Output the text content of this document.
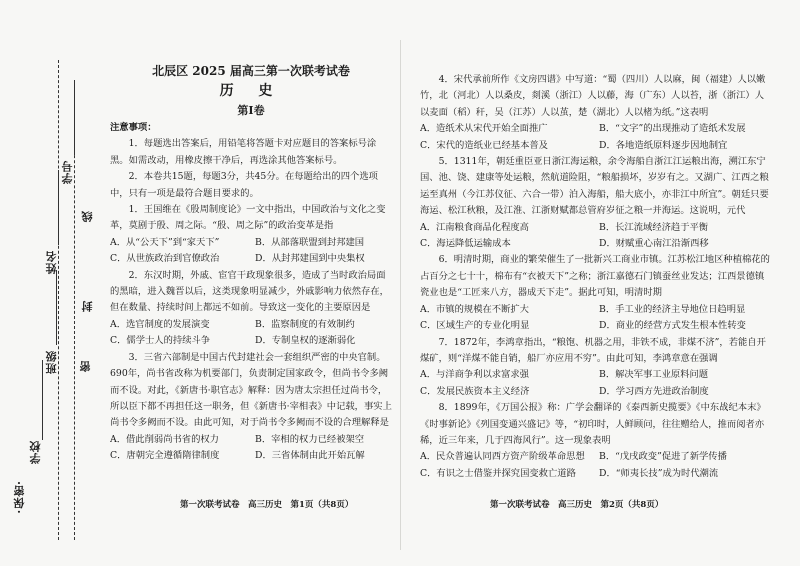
·保密·
学校
班级
姓名
学号
密
封
线

北辰区 2025 届高三第一次联考试卷

历 史

第Ⅰ卷

注意事项：

1．每题选出答案后，用铅笔将答题卡对应题目的答案标号涂黑。如需改动，用橡皮擦干净后，再选涂其他答案标号。

2．本卷共15题，每题3分，共45分。在每题给出的四个选项中，只有一项是最符合题目要求的。

1．王国维在《殷周制度论》一文中指出，中国政治与文化之变革，莫剧于殷、周之际。“殷、周之际”的政治变革是指

A．从“公天下”到“家天下”	B．从部落联盟到封邦建国
C．从世族政治到官僚政治	D．从封邦建国到中央集权

2．东汉时期，外戚、宦官干政现象很多，造成了当时政治局面的黑暗，进入魏晋以后，这类现象明显减少，外戚影响力依然存在，但在数量、持续时间上都远不如前。导致这一变化的主要原因是

A．选官制度的发展演变	B．监察制度的有效制约
C．儒学士人的持续斗争	D．专制皇权的逐渐弱化

3．三省六部制是中国古代封建社会一套组织严密的中央官制。690年，尚书省改称为机要部门，负责制定国家政令，但尚书令多阙而不设。对此，《新唐书·职官志》解释：因为唐太宗担任过尚书令，所以臣下都不再担任这一职务，但《新唐书·宰相表》中记载，事实上尚书令多阙而不设。由此可知，对于尚书令多阙而不设的合理解释是

A．借此削弱尚书省的权力	B．宰相的权力已经被架空
C．唐朝完全遵循隋律制度	D．三省体制由此开始瓦解
第一次联考试卷　高三历史　第1页（共8页）

4．宋代承前所作《文房四谱》中写道：“蜀（四川）人以麻，闽（福建）人以嫩竹，北（河北）人以桑皮，剡溪（浙江）人以藤，海（广东）人以苔，浙（浙江）人以麦面（稻）秆，吴（江苏）人以茧，楚（湖北）人以楮为纸。”这表明

A．造纸术从宋代开始全面推广	B．“文字”的出现推动了造纸术发展
C．宋代的造纸业已经基本普及	D．各地造纸原料逐步因地制宜

5．1311年，朝廷重臣亚日浙江海运粮，余令海船自浙江江运粮出海，溯江东宁国、池、饶、建康等处运粮，然航道险阻，“粮船损坏，岁岁有之。又湖广、江西之粮运至真州（今江苏仪征、六合一带）泊入海船，船大底小，亦非江中所宜”。朝廷只要海运、松江秋粮，及江淮、江浙财赋都总管府岁征之粮一并海运。这说明，元代

A．江南粮食商品化程度高	B．长江流域经济趋于平衡
C．海运降低运输成本	D．财赋重心南江沿渐西移

6．明清时期，商业的繁荣催生了一批新兴工商业市镇。江苏松江地区种植棉花的占百分之七十十，棉布有“衣被天下”之称；浙江嘉德石门镇蚕丝业发达；江西景德镇瓷业也是“工匠来八方，器成天下走”。据此可知，明清时期

A．市镇的规模在不断扩大	B．手工业的经济主导地位日趋明显
C．区域生产的专业化明显	D．商业的经营方式发生根本性转变

7．1872年，李鸿章指出，“粮饱、机器之用，非铁不成，非煤不济”，若能自开煤矿，则“洋煤不能自销，船厂亦应用不穷”。由此可知，李鸿章意在强调

A．与洋商争利以求富求强	B．解决军事工业原料问题
C．发展民族资本主义经济	D．学习西方先进政治制度

8．1899年，《万国公报》称：广学会翻译的《泰西新史揽要》《中东战纪本末》《时事新论》《列国变通兴盛记》等，“初印时，人鲜顾问，往往赠给人，推而阅者亦稀，近三年来，几于四海风行”。这一现象表明

A．民众普遍认同西方资产阶级革命思想	B．“戊戌政变”促进了新学传播
C．有识之士借鉴并探究国变救亡道路	D．“师夷长技”成为时代潮流
第一次联考试卷　高三历史　第2页（共8页）
